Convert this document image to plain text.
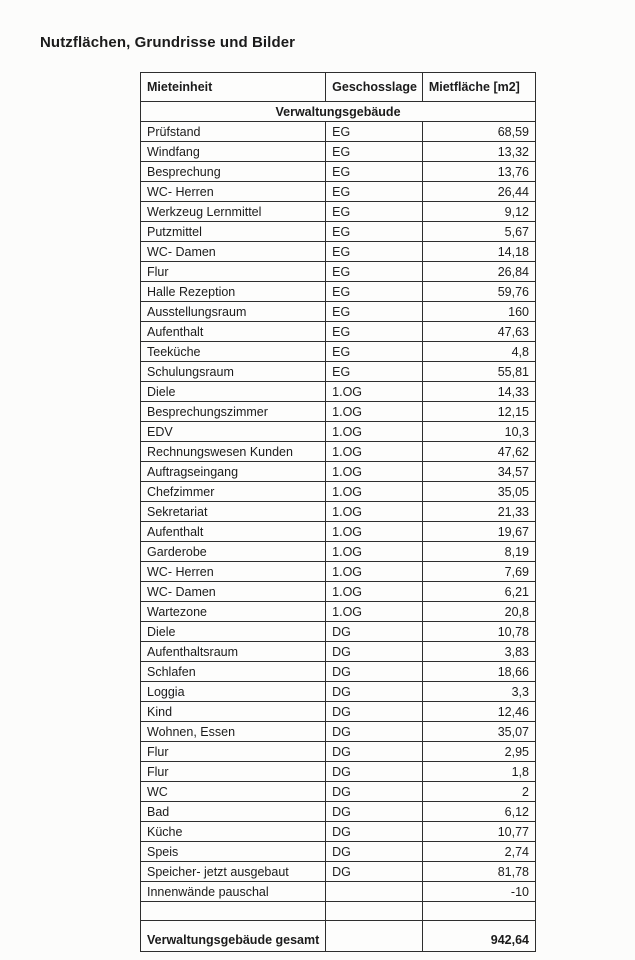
Nutzflächen, Grundrisse und Bilder
Mieteinheit	Geschosslage	Mietfläche [m2]
Verwaltungsgebäude		
Prüfstand	EG	68,59
Windfang	EG	13,32
Besprechung	EG	13,76
WC- Herren	EG	26,44
Werkzeug Lernmittel	EG	9,12
Putzmittel	EG	5,67
WC- Damen	EG	14,18
Flur	EG	26,84
Halle Rezeption	EG	59,76
Ausstellungsraum	EG	160
Aufenthalt	EG	47,63
Teeküche	EG	4,8
Schulungsraum	EG	55,81
Diele	1.OG	14,33
Besprechungszimmer	1.OG	12,15
EDV	1.OG	10,3
Rechnungswesen Kunden	1.OG	47,62
Auftragseingang	1.OG	34,57
Chefzimmer	1.OG	35,05
Sekretariat	1.OG	21,33
Aufenthalt	1.OG	19,67
Garderobe	1.OG	8,19
WC- Herren	1.OG	7,69
WC- Damen	1.OG	6,21
Wartezone	1.OG	20,8
Diele	DG	10,78
Aufenthaltsraum	DG	3,83
Schlafen	DG	18,66
Loggia	DG	3,3
Kind	DG	12,46
Wohnen, Essen	DG	35,07
Flur	DG	2,95
Flur	DG	1,8
WC	DG	2
Bad	DG	6,12
Küche	DG	10,77
Speis	DG	2,74
Speicher- jetzt ausgebaut	DG	81,78
Innenwände pauschal		-10

Verwaltungsgebäude gesamt		942,64
